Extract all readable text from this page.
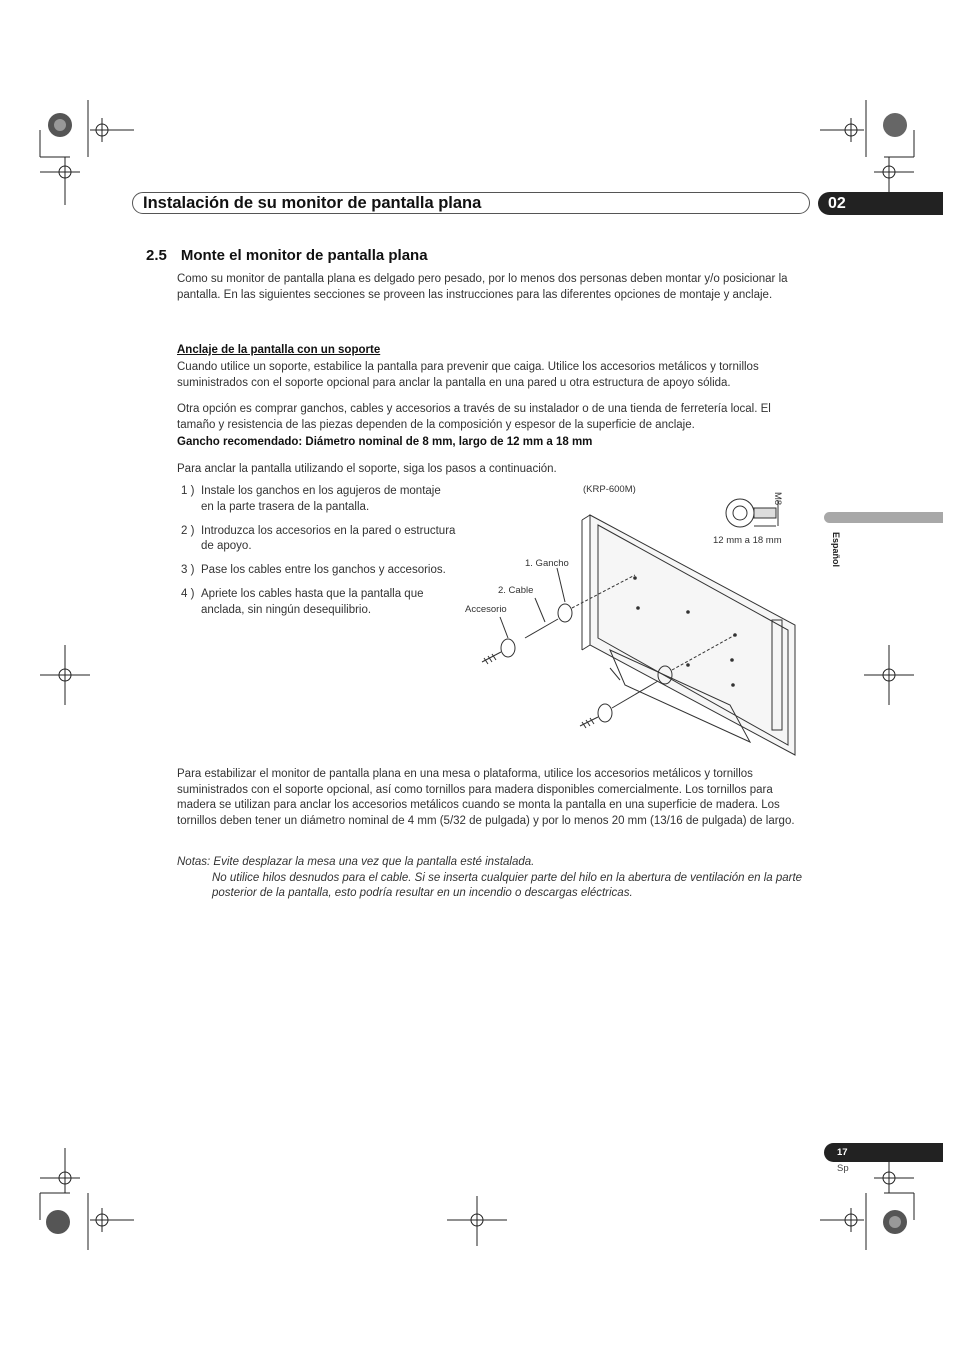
Instalación de su monitor de pantalla plana	02
Español
2.5 Monte el monitor de pantalla plana

Como su monitor de pantalla plana es delgado pero pesado, por lo menos dos personas deben montar y/o posicionar la pantalla. En las siguientes secciones se proveen las instrucciones para las diferentes opciones de montaje y anclaje.

Anclaje de la pantalla con un soporte

Cuando utilice un soporte, estabilice la pantalla para prevenir que caiga. Utilice los accesorios metálicos y tornillos suministrados con el soporte opcional para anclar la pantalla en una pared u otra estructura de apoyo sólida.

Otra opción es comprar ganchos, cables y accesorios a través de su instalador o de una tienda de ferretería local. El tamaño y resistencia de las piezas dependen de la composición y espesor de la superficie de anclaje.

Gancho recomendado: Diámetro nominal de 8 mm, largo de 12 mm a 18 mm

Para anclar la pantalla utilizando el soporte, siga los pasos a continuación.

1 ) Instale los ganchos en los agujeros de montaje en la parte trasera de la pantalla.
2 ) Introduzca los accesorios en la pared o estructura de apoyo.
3 ) Pase los cables entre los ganchos y accesorios.
4 ) Apriete los cables hasta que la pantalla que anclada, sin ningún desequilibrio.
(KRP-600M)
M8
12 mm a 18 mm
1. Gancho
2. Cable
Accesorio

Para estabilizar el monitor de pantalla plana en una mesa o plataforma, utilice los accesorios metálicos y tornillos suministrados con el soporte opcional, así como tornillos para madera disponibles comercialmente. Los tornillos para madera se utilizan para anclar los accesorios metálicos cuando se monta la pantalla en una superficie de madera. Los tornillos deben tener un diámetro nominal de 4 mm (5/32 de pulgada) y por lo menos 20 mm (13/16 de pulgada) de largo.

Notas: Evite desplazar la mesa una vez que la pantalla esté instalada.
No utilice hilos desnudos para el cable. Si se inserta cualquier parte del hilo en la abertura de ventilación en la parte posterior de la pantalla, esto podría resultar en un incendio o descargas eléctricas.

17
Sp
